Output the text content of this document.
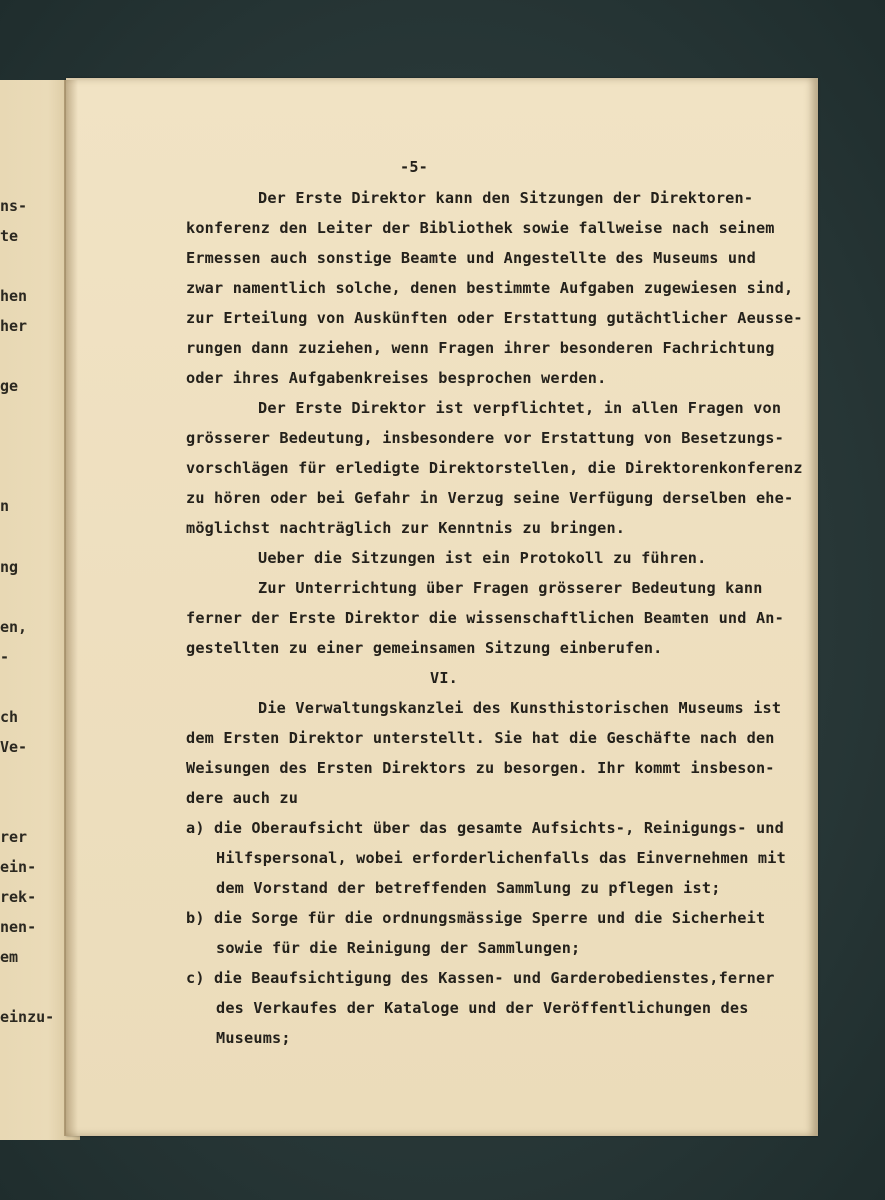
ns-
te
hen
her
ge
n
ng
en,
-
ch
Ve-
rer
ein-
rek-
nen-
em
einzu-
-5-
Der Erste Direktor kann den Sitzungen der Direktoren-
konferenz den Leiter der Bibliothek sowie fallweise nach seinem
Ermessen auch sonstige Beamte und Angestellte des Museums und
zwar namentlich solche, denen bestimmte Aufgaben zugewiesen sind,
zur Erteilung von Auskünften oder Erstattung gutächtlicher Aeusse-
rungen dann zuziehen, wenn Fragen ihrer besonderen Fachrichtung
oder ihres Aufgabenkreises besprochen werden.
Der Erste Direktor ist verpflichtet, in allen Fragen von
grösserer Bedeutung, insbesondere vor Erstattung von Besetzungs-
vorschlägen für erledigte Direktorstellen, die Direktorenkonferenz
zu hören oder bei Gefahr in Verzug seine Verfügung derselben ehe-
möglichst nachträglich zur Kenntnis zu bringen.
Ueber die Sitzungen ist ein Protokoll zu führen.
Zur Unterrichtung über Fragen grösserer Bedeutung kann
ferner der Erste Direktor die wissenschaftlichen Beamten und An-
gestellten zu einer gemeinsamen Sitzung einberufen.
VI.
Die Verwaltungskanzlei des Kunsthistorischen Museums ist
dem Ersten Direktor unterstellt. Sie hat die Geschäfte nach den
Weisungen des Ersten Direktors zu besorgen. Ihr kommt insbeson-
dere auch zu
a) die Oberaufsicht über das gesamte Aufsichts-, Reinigungs- und
Hilfspersonal, wobei erforderlichenfalls das Einvernehmen mit
dem Vorstand der betreffenden Sammlung zu pflegen ist;
b) die Sorge für die ordnungsmässige Sperre und die Sicherheit
sowie für die Reinigung der Sammlungen;
c) die Beaufsichtigung des Kassen- und Garderobedienstes,ferner
des Verkaufes der Kataloge und der Veröffentlichungen des
Museums;
